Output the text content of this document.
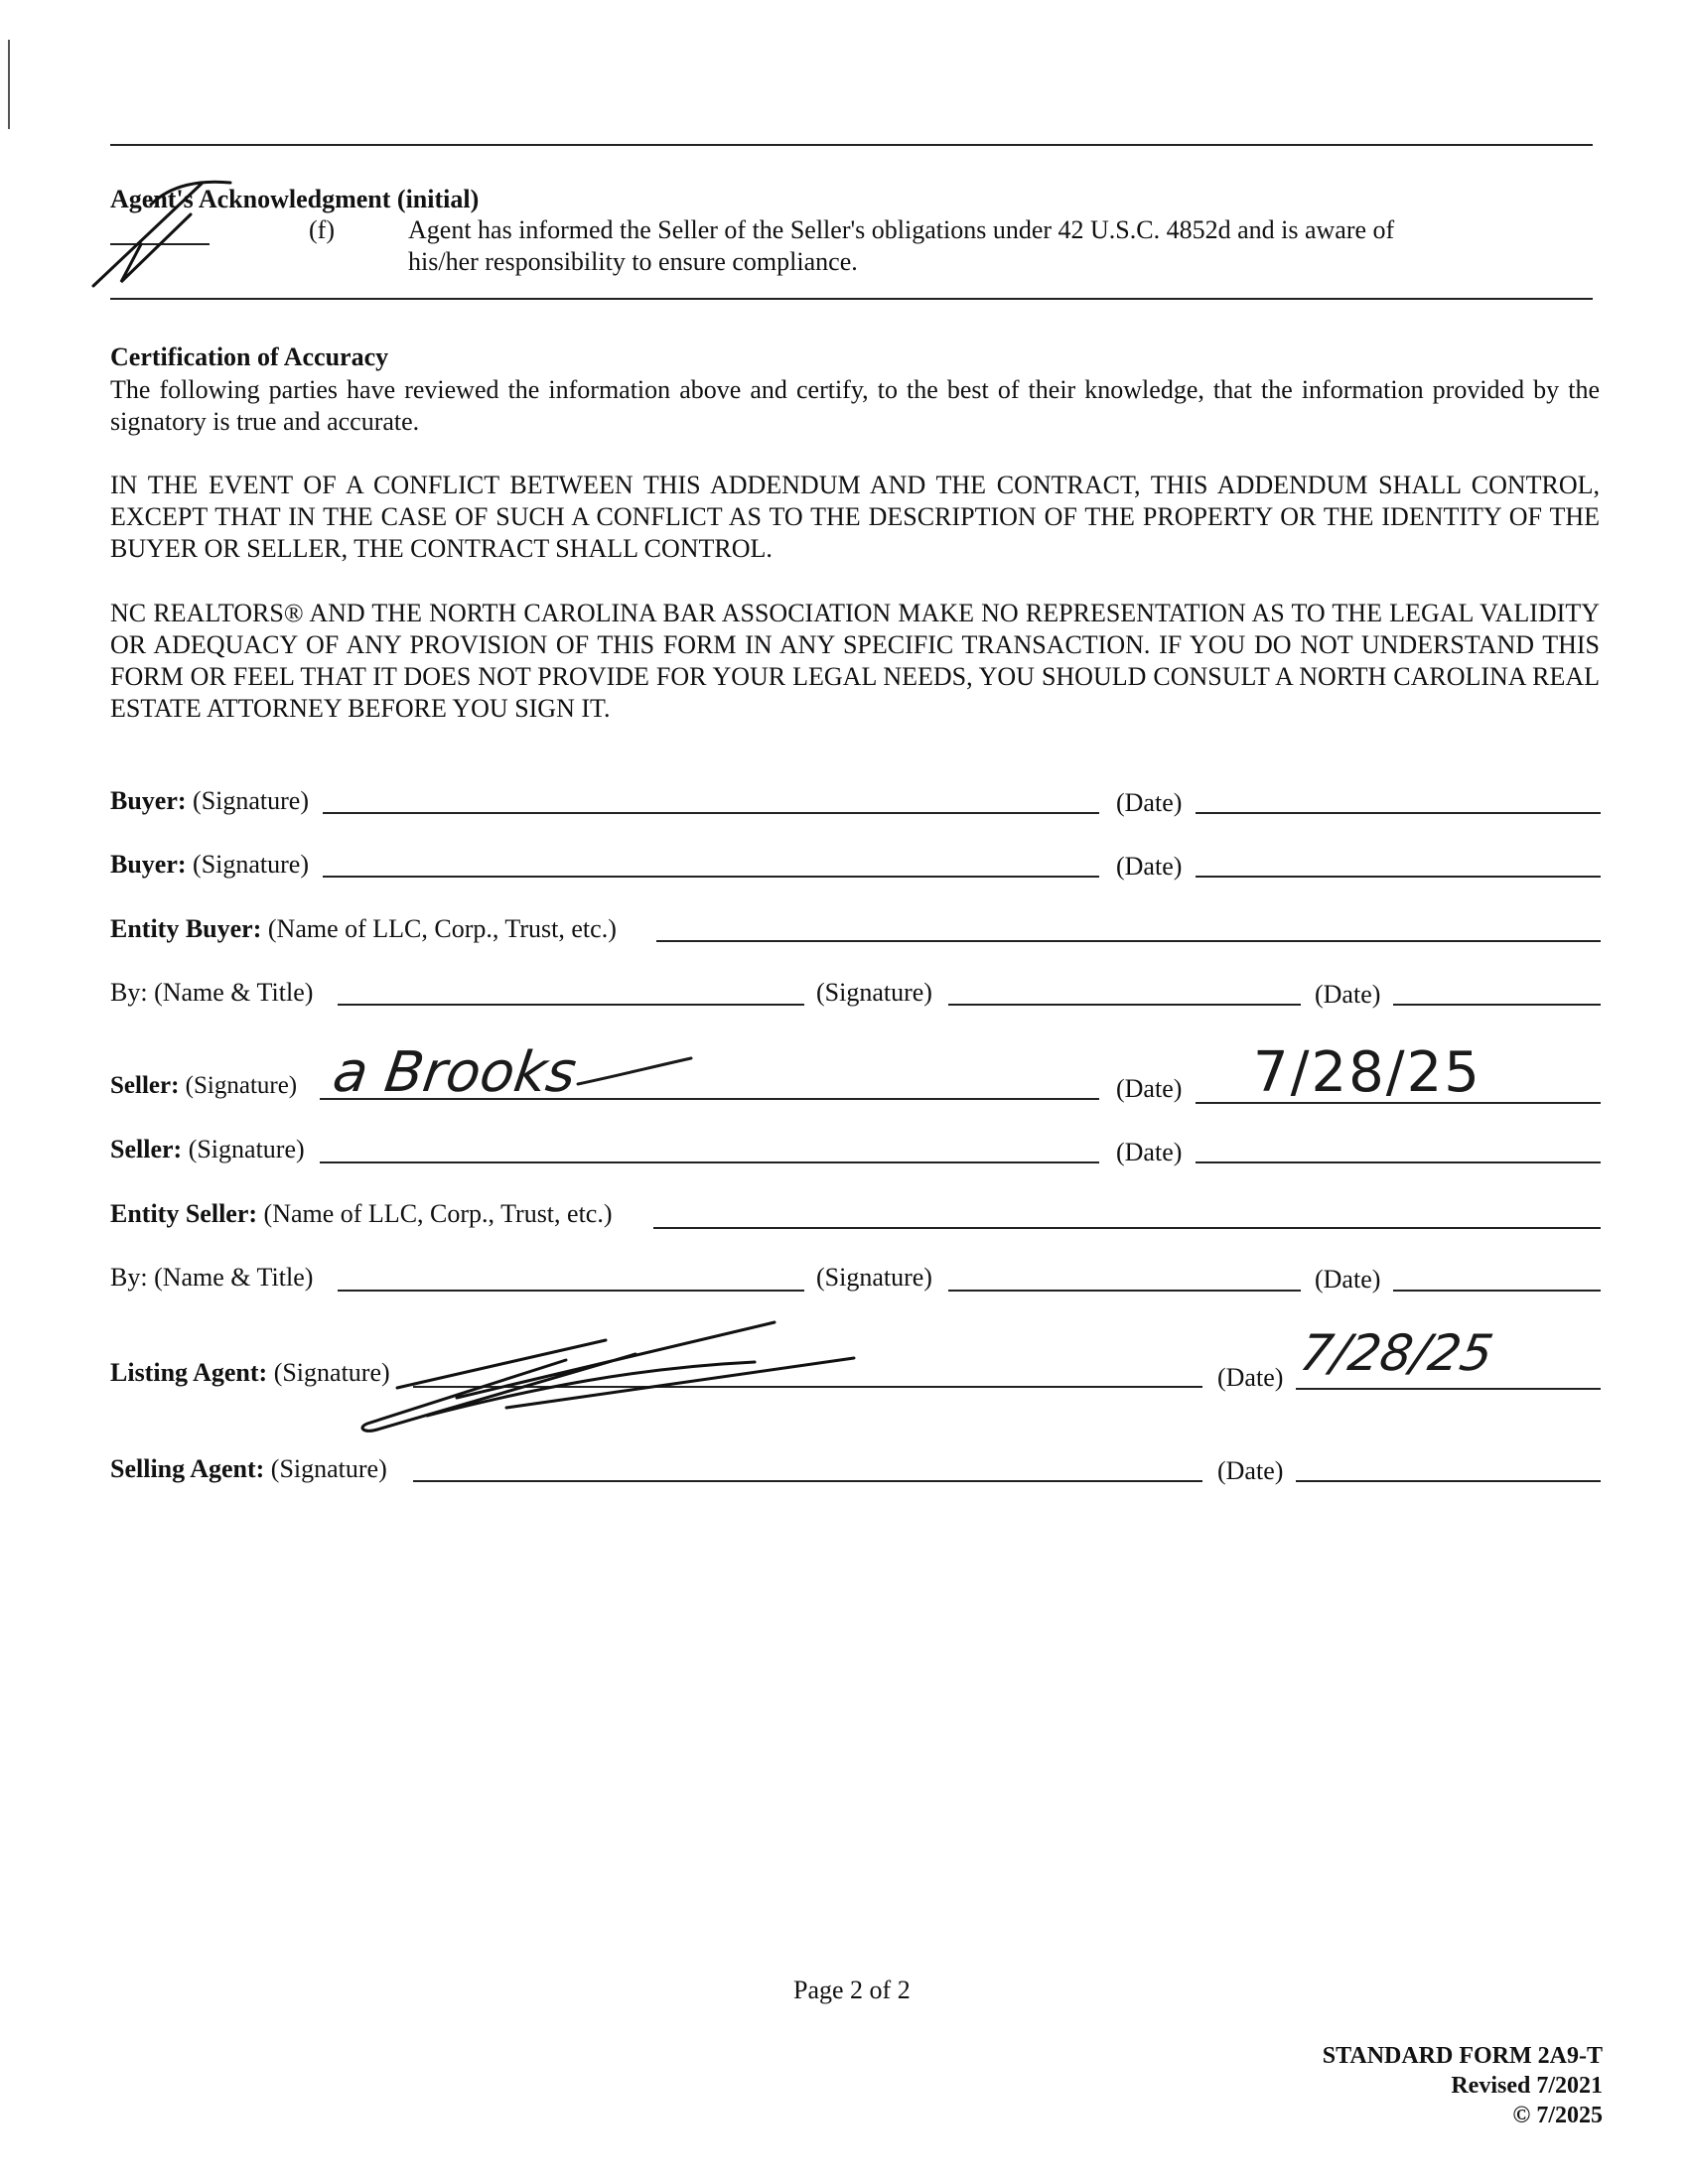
Agent's Acknowledgment (initial)
(f)	Agent has informed the Seller of the Seller's obligations under 42 U.S.C. 4852d and is aware of
his/her responsibility to ensure compliance.
Certification of Accuracy
The following parties have reviewed the information above and certify, to the best of their knowledge, that the information provided by the signatory is true and accurate.
IN THE EVENT OF A CONFLICT BETWEEN THIS ADDENDUM AND THE CONTRACT, THIS ADDENDUM SHALL CONTROL, EXCEPT THAT IN THE CASE OF SUCH A CONFLICT AS TO THE DESCRIPTION OF THE PROPERTY OR THE IDENTITY OF THE BUYER OR SELLER, THE CONTRACT SHALL CONTROL.
NC REALTORS® AND THE NORTH CAROLINA BAR ASSOCIATION MAKE NO REPRESENTATION AS TO THE LEGAL VALIDITY OR ADEQUACY OF ANY PROVISION OF THIS FORM IN ANY SPECIFIC TRANSACTION. IF YOU DO NOT UNDERSTAND THIS FORM OR FEEL THAT IT DOES NOT PROVIDE FOR YOUR LEGAL NEEDS, YOU SHOULD CONSULT A NORTH CAROLINA REAL ESTATE ATTORNEY BEFORE YOU SIGN IT.
Buyer: (Signature)	(Date)
Buyer: (Signature)	(Date)
Entity Buyer: (Name of LLC, Corp., Trust, etc.)
By: (Name & Title)	(Signature)	(Date)
Seller: (Signature) a Brooks	(Date) 7/28/25
Seller: (Signature)	(Date)
Entity Seller: (Name of LLC, Corp., Trust, etc.)
By: (Name & Title)	(Signature)	(Date)
Listing Agent: (Signature)	(Date) 7/28/25
Selling Agent: (Signature)	(Date)
Page 2 of 2
STANDARD FORM 2A9-T
Revised 7/2021
© 7/2025
